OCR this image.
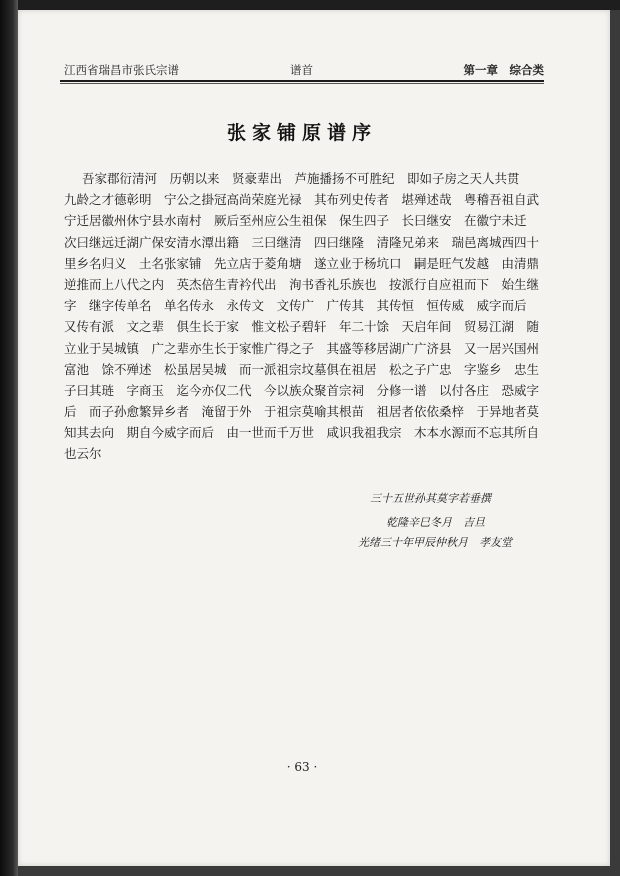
江西省瑞昌市张氏宗谱	谱首	第一章　综合类
张家铺原谱序
吾家郡衍清河　历朝以来　贤豪辈出　芦施播扬不可胜纪　即如子房之天人共贯
九龄之才德彰明　宁公之掛冠高尚荣庭光禄　其布列史传者　堪殚述哉　粤稽吾祖自武
宁迁居徽州休宁县水南村　厥后至州应公生祖保　保生四子　长曰继安　在徽宁未迁
次曰继远迁湖广保安清水潭出籍　三曰继清　四曰继隆　清隆兄弟来　瑞邑离城西四十
里乡名归义　土名张家铺　先立店于菱角塘　遂立业于杨坑口　嗣是旺气发越　由清鼎
逆推而上八代之内　英杰倍生青衿代出　洵书香礼乐族也　按派行自应祖而下　始生继
字　继字传单名　单名传永　永传文　文传广　广传其　其传恒　恒传威　威字而后
又传有派　文之辈　俱生长于家　惟文松子碧轩　年二十馀　天启年间　贸易江湖　随
立业于吴城镇　广之辈亦生长于家惟广得之子　其盛等移居湖广广济县　又一居兴国州
富池　馀不殚述　松虽居吴城　而一派祖宗坟墓俱在祖居　松之子广忠　字鉴乡　忠生
子曰其琏　字商玉　迄今亦仅二代　今以族众聚首宗祠　分修一谱　以付各庄　恐威字
后　而子孙愈繁异乡者　淹留于外　于祖宗莫喻其根苗　祖居者依依桑梓　于异地者莫
知其去向　期自今威字而后　由一世而千万世　咸识我祖我宗　木本水源而不忘其所自
也云尔
三十五世孙其莫字若垂撰
乾隆辛巳冬月　吉旦
光绪三十年甲辰仲秋月　孝友堂
· 63 ·
